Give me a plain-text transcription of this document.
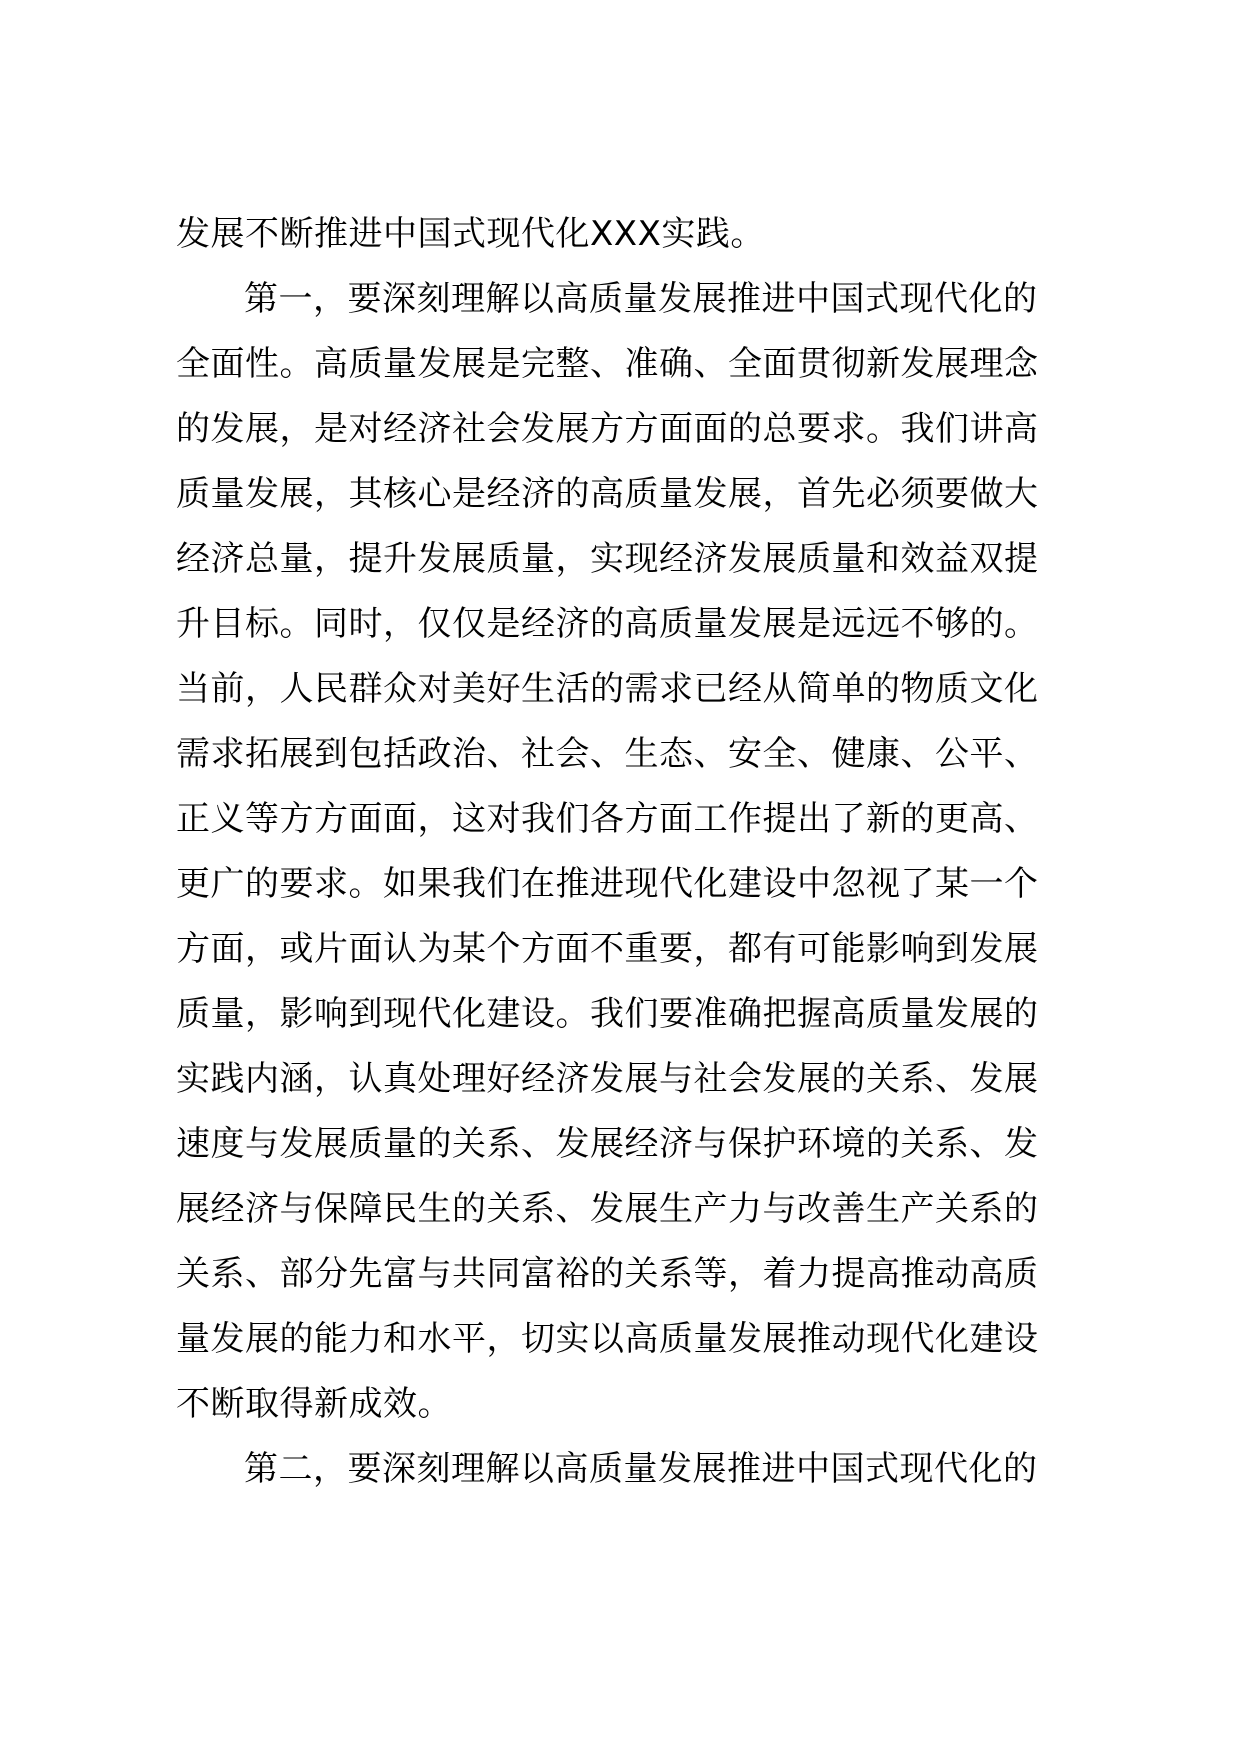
发展不断推进中国式现代化XXX实践。
第一，要深刻理解以高质量发展推进中国式现代化的
全面性。高质量发展是完整、准确、全面贯彻新发展理念
的发展，是对经济社会发展方方面面的总要求。我们讲高
质量发展，其核心是经济的高质量发展，首先必须要做大
经济总量，提升发展质量，实现经济发展质量和效益双提
升目标。同时，仅仅是经济的高质量发展是远远不够的。
当前，人民群众对美好生活的需求已经从简单的物质文化
需求拓展到包括政治、社会、生态、安全、健康、公平、
正义等方方面面，这对我们各方面工作提出了新的更高、
更广的要求。如果我们在推进现代化建设中忽视了某一个
方面，或片面认为某个方面不重要，都有可能影响到发展
质量，影响到现代化建设。我们要准确把握高质量发展的
实践内涵，认真处理好经济发展与社会发展的关系、发展
速度与发展质量的关系、发展经济与保护环境的关系、发
展经济与保障民生的关系、发展生产力与改善生产关系的
关系、部分先富与共同富裕的关系等，着力提高推动高质
量发展的能力和水平，切实以高质量发展推动现代化建设
不断取得新成效。
第二，要深刻理解以高质量发展推进中国式现代化的
